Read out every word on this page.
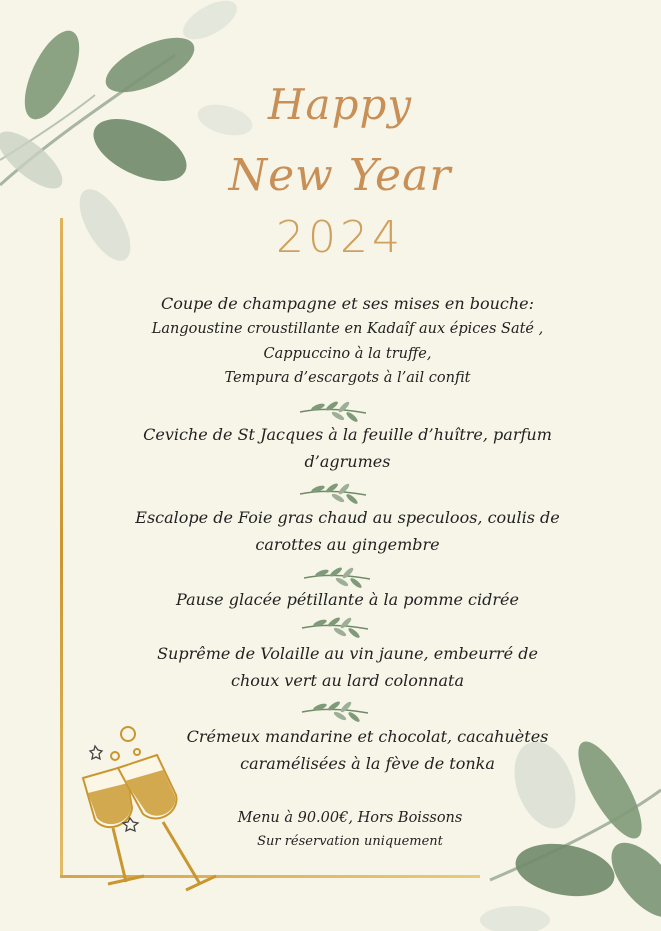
Happy
New Year
2024
Coupe de champagne et ses mises en bouche:
Langoustine croustillante en Kadaîf aux épices Saté ,
Cappuccino à la truffe,
Tempura d’escargots à l’ail confit
Ceviche de St Jacques à la feuille d’huître, parfum
d’agrumes
Escalope de Foie gras chaud au speculoos, coulis de
carottes au gingembre
Pause glacée pétillante à la pomme cidrée
Suprême de Volaille au vin jaune, embeurré de
choux vert au lard colonnata
Crémeux mandarine et chocolat, cacahuètes
caramélisées à la fève de tonka
Menu à 90.00€, Hors Boissons
Sur réservation uniquement
